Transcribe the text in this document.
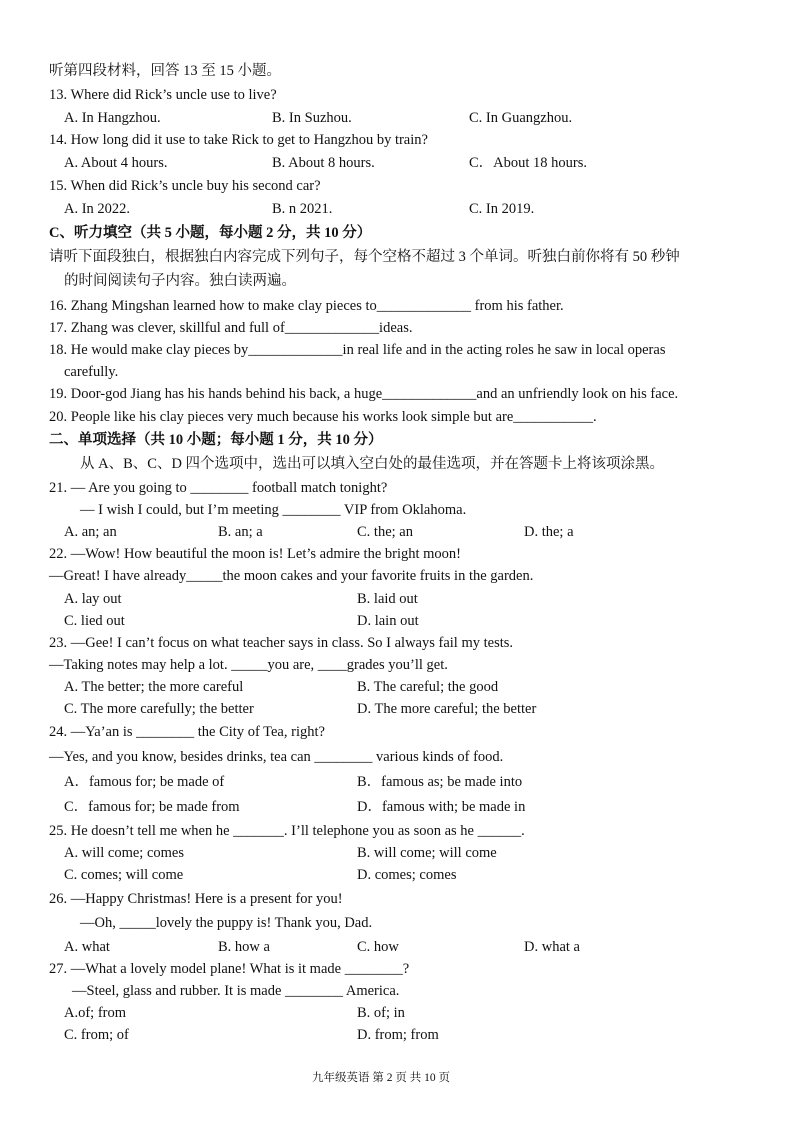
听第四段材料，回答 13 至 15 小题。
13. Where did Rick’s uncle use to live?
A. In Hangzhou.	B. In Suzhou.	C. In Guangzhou.
14. How long did it use to take Rick to get to Hangzhou by train?
A. About 4 hours.	B. About 8 hours.	C．About 18 hours.
15. When did Rick’s uncle buy his second car?
A. In 2022.	B. n 2021.	C. In 2019.
C、听力填空（共 5 小题，每小题 2 分，共 10 分）
请听下面段独白，根据独白内容完成下列句子，每个空格不超过 3 个单词。听独白前你将有 50 秒钟
的时间阅读句子内容。独白读两遍。
16. Zhang Mingshan learned how to make clay pieces to_____________ from his father.
17. Zhang was clever, skillful and full of_____________ideas.
18. He would make clay pieces by_____________in real life and in the acting roles he saw in local operas
carefully.
19. Door-god Jiang has his hands behind his back, a huge_____________and an unfriendly look on his face.
20. People like his clay pieces very much because his works look simple but are___________.
二、单项选择（共 10 小题；每小题 1 分，共 10 分）
从 A、B、C、D 四个选项中，选出可以填入空白处的最佳选项，并在答题卡上将该项涂黑。
21. — Are you going to ________ football match tonight?
— I wish I could, but I’m meeting ________ VIP from Oklahoma.
A. an; an	B. an; a	C. the; an	D. the; a
22. —Wow! How beautiful the moon is! Let’s admire the bright moon!
—Great! I have already_____the moon cakes and your favorite fruits in the garden.
A. lay out	B. laid out
C. lied out	D. lain out
23. —Gee! I can’t focus on what teacher says in class. So I always fail my tests.
—Taking notes may help a lot. _____you are, ____grades you’ll get.
A. The better; the more careful	B. The careful; the good
C. The more carefully; the better	D. The more careful; the better
24. —Ya’an is ________ the City of Tea, right?
—Yes, and you know, besides drinks, tea can ________ various kinds of food.
A．famous for; be made of	B．famous as; be made into
C．famous for; be made from	D．famous with; be made in
25. He doesn’t tell me when he _______. I’ll telephone you as soon as he ______.
A. will come; comes	B. will come; will come
C. comes; will come	D. comes; comes
26. —Happy Christmas! Here is a present for you!
—Oh, _____lovely the puppy is! Thank you, Dad.
A. what	B. how a	C. how	D. what a
27. —What a lovely model plane! What is it made ________?
—Steel, glass and rubber. It is made ________ America.
A.of; from	B. of; in
C. from; of	D. from; from
九年级英语 第 2 页 共 10 页
